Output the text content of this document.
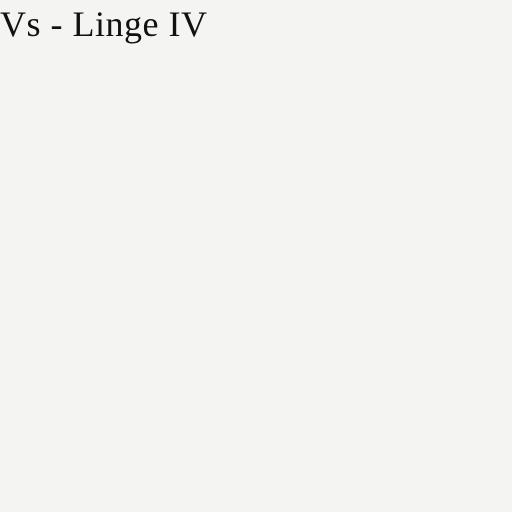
Vs - Linge IV
